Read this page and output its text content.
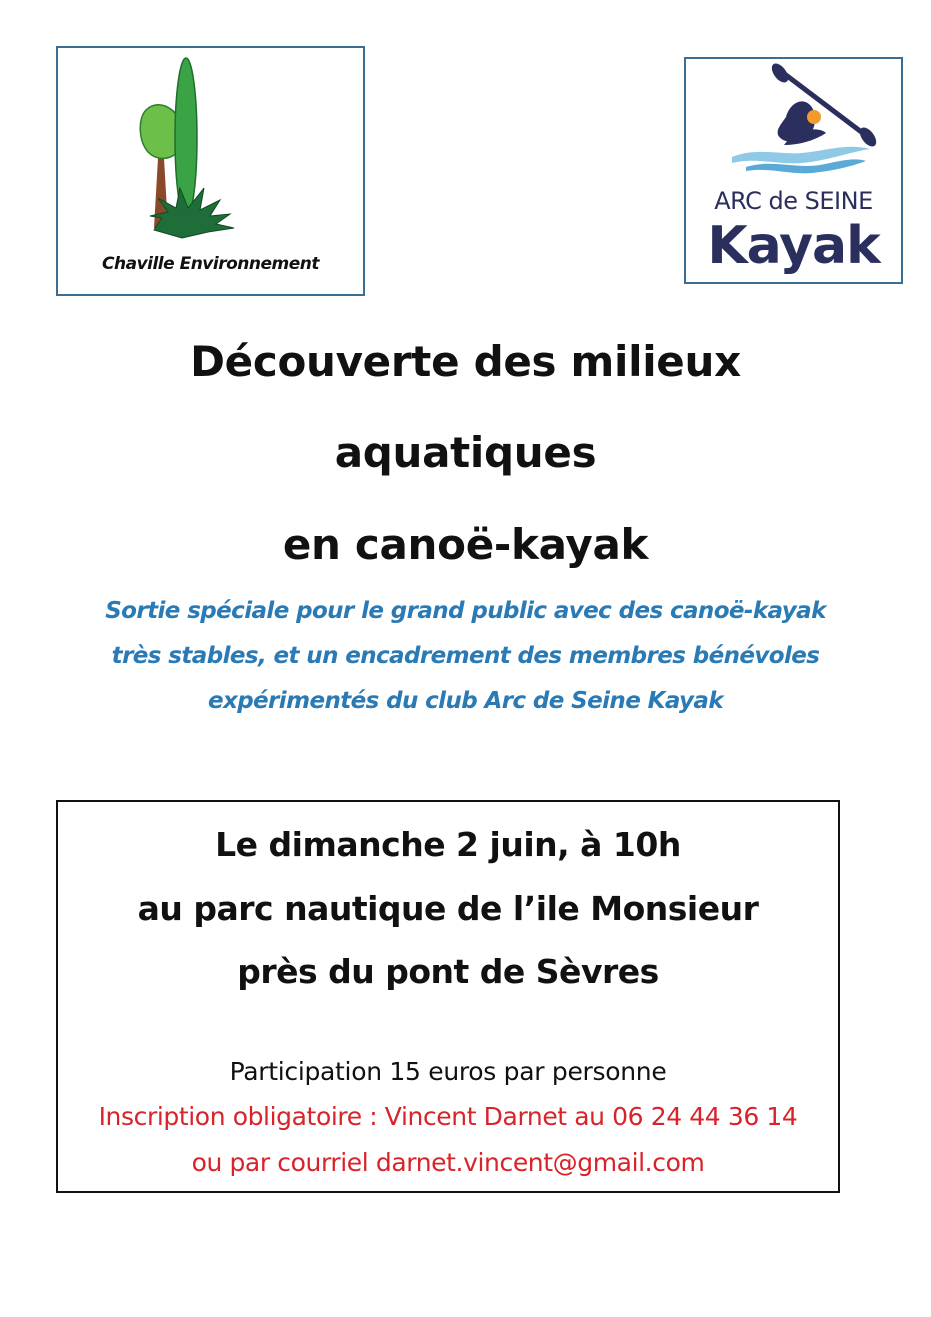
Chaville Environnement
ARC de SEINE
Kayak
Découverte des milieux
aquatiques
en canoë-kayak
Sortie spéciale pour le grand public avec des canoë-kayak
très stables, et un encadrement des membres bénévoles
expérimentés du club Arc de Seine Kayak
Le dimanche 2 juin, à 10h
au parc nautique de l’ile Monsieur
près du pont de Sèvres
Participation 15 euros par personne
Inscription obligatoire : Vincent Darnet au 06 24 44 36 14
ou par courriel darnet.vincent@gmail.com
